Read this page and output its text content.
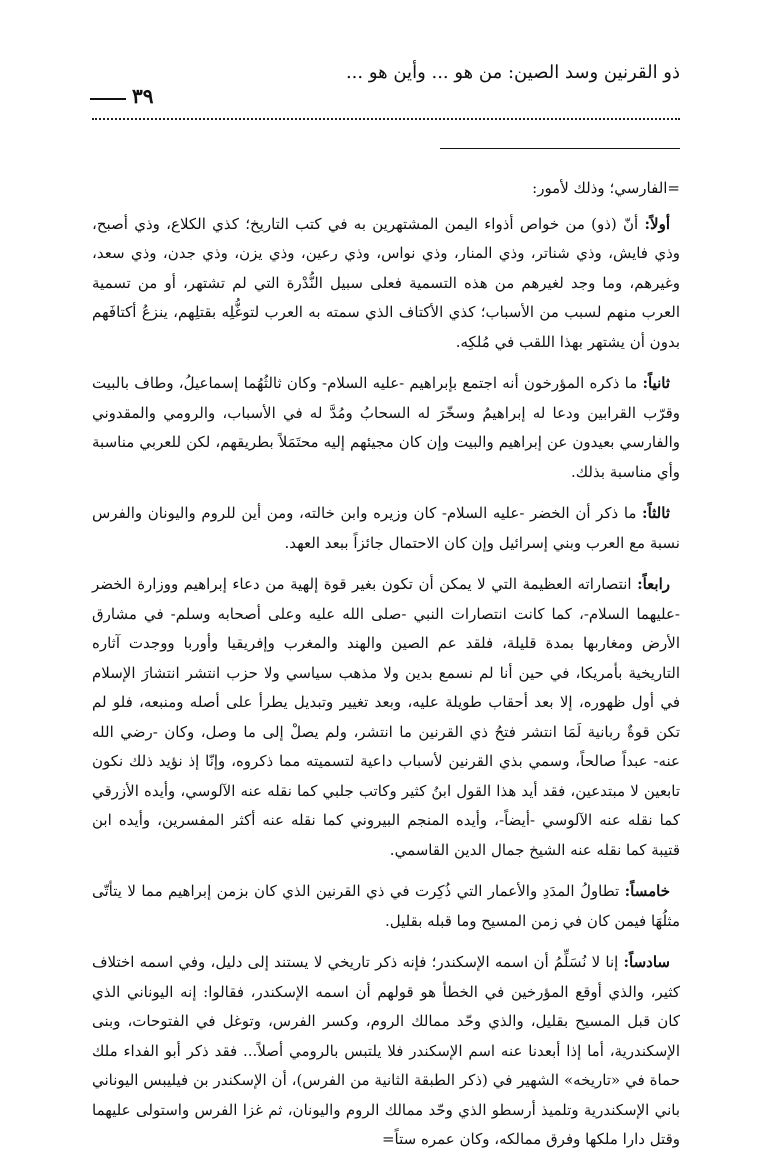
ذو القرنين وسد الصين: من هو ... وأين هو ...
٣٩

=الفارسي؛ وذلك لأمور:

أولاً: أنّ (ذو) من خواص أذواء اليمن المشتهرين به في كتب التاريخ؛ كذي الكلاع، وذي أصبح، وذي فايش، وذي شناتر، وذي المنار، وذي نواس، وذي رعين، وذي يزن، وذي جدن، وذي سعد، وغيرهم، وما وجد لغيرهم من هذه التسمية فعلى سبيل النُّدْرة التي لم تشتهر، أو من تسمية العرب منهم لسبب من الأسباب؛ كذي الأكتاف الذي سمته به العرب لتوغُّلِه بقتلِهم، ينزعُ أكتافَهم بدون أن يشتهر بهذا اللقب في مُلكِه.

ثانياً: ما ذكره المؤرخون أنه اجتمع بإبراهيم -عليه السلام- وكان ثالثُهُما إسماعيلُ، وطاف بالبيت وقرّب القرابين ودعا له إبراهيمُ وسخّرَ له السحابُ ومُدَّ له في الأسباب، والرومي والمقدوني والفارسي بعيدون عن إبراهيم والبيت وإن كان مجيئهم إليه محتَمَلاً بطريقهم، لكن للعربي مناسبة وأي مناسبة بذلك.

ثالثاً: ما ذكر أن الخضر -عليه السلام- كان وزيره وابن خالته، ومن أين للروم واليونان والفرس نسبة مع العرب وبني إسرائيل وإن كان الاحتمال جائزاً ببعد العهد.

رابعاً: انتصاراته العظيمة التي لا يمكن أن تكون بغير قوة إلهية من دعاء إبراهيم ووزارة الخضر -عليهما السلام-، كما كانت انتصارات النبي -صلى الله عليه وعلى أصحابه وسلم- في مشارق الأرض ومغاربها بمدة قليلة، فلقد عم الصين والهند والمغرب وإفريقيا وأوربا ووجدت آثاره التاريخية بأمريكا، في حين أنا لم نسمع بدين ولا مذهب سياسي ولا حزب انتشر انتشارَ الإسلام في أول ظهوره، إلا بعد أحقاب طويلة عليه، وبعد تغيير وتبديل يطرأ على أصله ومنبعه، فلو لم تكن قوةٌ ربانية لَمَا انتشر فتحُ ذي القرنين ما انتشر، ولم يصلْ إلى ما وصل، وكان -رضي الله عنه- عبداً صالحاً، وسمي بذي القرنين لأسباب داعية لتسميته مما ذكروه، وإنّا إذ نؤيد ذلك نكون تابعين لا مبتدعين، فقد أيد هذا القول ابنُ كثير وكاتب جلبي كما نقله عنه الآلوسي، وأيده الأزرقي كما نقله عنه الآلوسي -أيضاً-، وأيده المنجم البيروني كما نقله عنه أكثر المفسرين، وأيده ابن قتيبة كما نقله عنه الشيخ جمال الدين القاسمي.

خامساً: تطاولُ المدَدِ والأعمار التي ذُكِرت في ذي القرنين الذي كان بزمن إبراهيم مما لا يتأتّى مثلُهَا فيمن كان في زمن المسيح وما قبله بقليل.

سادساً: إنا لا نُسَلِّمُ أن اسمه الإسكندر؛ فإنه ذكر تاريخي لا يستند إلى دليل، وفي اسمه اختلاف كثير، والذي أوقع المؤرخين في الخطأ هو قولهم أن اسمه الإسكندر، فقالوا: إنه اليوناني الذي كان قبل المسيح بقليل، والذي وحّد ممالك الروم، وكسر الفرس، وتوغل في الفتوحات، وبنى الإسكندرية، أما إذا أبعدنا عنه اسم الإسكندر فلا يلتبس بالرومي أصلاً... فقد ذكر أبو الفداء ملك حماة في «تاريخه» الشهير في (ذكر الطبقة الثانية من الفرس)، أن الإسكندر بن فيليبس اليوناني باني الإسكندرية وتلميذ أرسطو الذي وحّد ممالك الروم واليونان، ثم غزا الفرس واستولى عليهما وقتل دارا ملكها وفرق ممالكه، وكان عمره ستاً=
